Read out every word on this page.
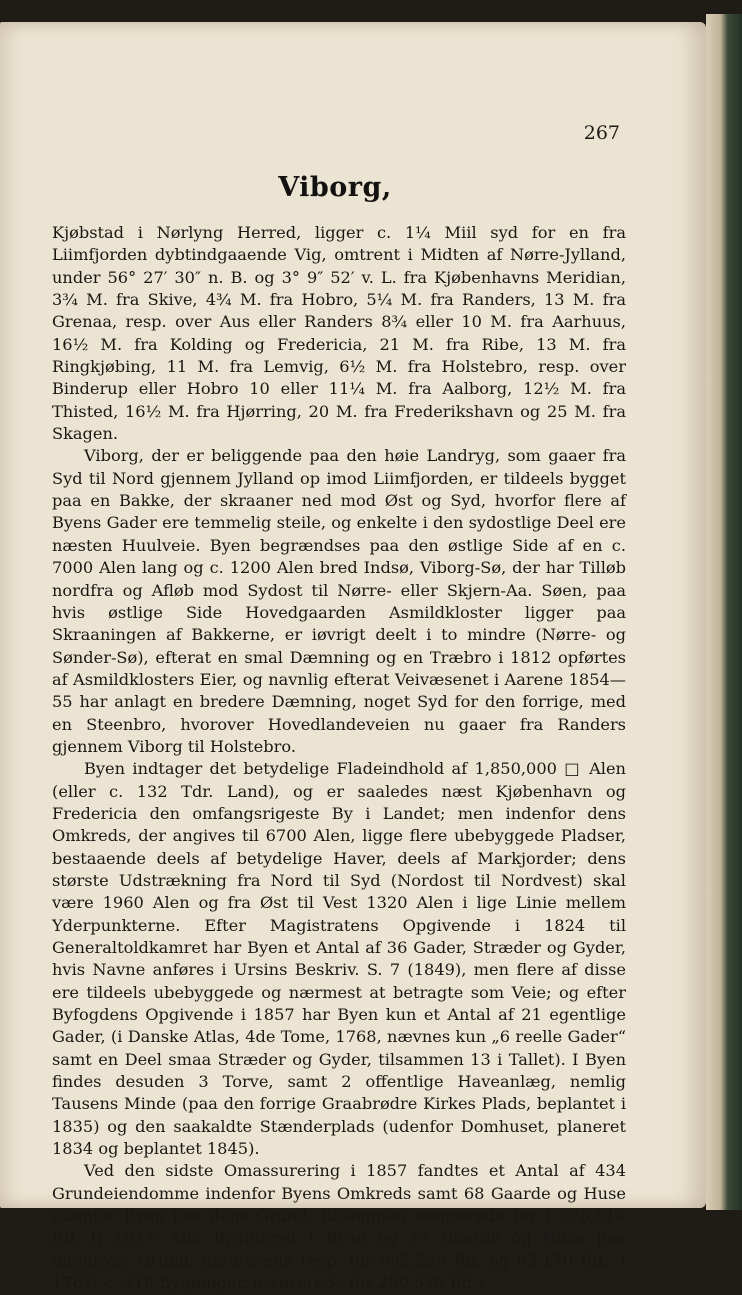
267
Viborg,

Kjøbstad i Nørlyng Herred, ligger c. 1¼ Miil syd for en fra Liimfjorden dybtindgaaende Vig, omtrent i Midten af Nørre-Jylland, under 56° 27′ 30″ n. B. og 3° 9″ 52′ v. L. fra Kjøbenhavns Meridian, 3¾ M. fra Skive, 4¾ M. fra Hobro, 5¼ M. fra Randers, 13 M. fra Grenaa, resp. over Aus eller Randers 8¾ eller 10 M. fra Aarhuus, 16½ M. fra Kolding og Fredericia, 21 M. fra Ribe, 13 M. fra Ringkjøbing, 11 M. fra Lemvig, 6½ M. fra Holstebro, resp. over Binderup eller Hobro 10 eller 11¼ M. fra Aalborg, 12½ M. fra Thisted, 16½ M. fra Hjørring, 20 M. fra Frederikshavn og 25 M. fra Skagen.

Viborg, der er beliggende paa den høie Landryg, som gaaer fra Syd til Nord gjennem Jylland op imod Liimfjorden, er tildeels bygget paa en Bakke, der skraaner ned mod Øst og Syd, hvorfor flere af Byens Gader ere temmelig steile, og enkelte i den sydostlige Deel ere næsten Huulveie. Byen begrændses paa den østlige Side af en c. 7000 Alen lang og c. 1200 Alen bred Indsø, Viborg-Sø, der har Tilløb nordfra og Afløb mod Sydost til Nørre- eller Skjern-Aa. Søen, paa hvis østlige Side Hovedgaarden Asmildkloster ligger paa Skraaningen af Bakkerne, er iøvrigt deelt i to mindre (Nørre- og Sønder-Sø), efterat en smal Dæmning og en Træbro i 1812 opførtes af Asmildklosters Eier, og navnlig efterat Veivæsenet i Aarene 1854—55 har anlagt en bredere Dæmning, noget Syd for den forrige, med en Steenbro, hvorover Hovedlandeveien nu gaaer fra Randers gjennem Viborg til Holstebro.

Byen indtager det betydelige Fladeindhold af 1,850,000 □ Alen (eller c. 132 Tdr. Land), og er saaledes næst Kjøbenhavn og Fredericia den omfangsrigeste By i Landet; men indenfor dens Omkreds, der angives til 6700 Alen, ligge flere ubebyggede Pladser, bestaaende deels af betydelige Haver, deels af Markjorder; dens største Udstrækning fra Nord til Syd (Nordost til Nordvest) skal være 1960 Alen og fra Øst til Vest 1320 Alen i lige Linie mellem Yderpunkterne. Efter Magistratens Opgivende i 1824 til Generaltoldkamret har Byen et Antal af 36 Gader, Stræder og Gyder, hvis Navne anføres i Ursins Beskriv. S. 7 (1849), men flere af disse ere tildeels ubebyggede og nærmest at betragte som Veie; og efter Byfogdens Opgivende i 1857 har Byen kun et Antal af 21 egentlige Gader, (i Danske Atlas, 4de Tome, 1768, nævnes kun „6 reelle Gader“ samt en Deel smaa Stræder og Gyder, tilsammen 13 i Tallet). I Byen findes desuden 3 Torve, samt 2 offentlige Haveanlæg, nemlig Tausens Minde (paa den forrige Graabrødre Kirkes Plads, beplantet i 1835) og den saakaldte Stænderplads (udenfor Domhuset, planeret 1834 og beplantet 1845).

Ved den sidste Omassurering i 1857 fandtes et Antal af 434 Grundeiendomme indenfor Byens Omkreds samt 68 Gaarde og Huse udenfor Byen paa dens Grund, tilsammen assurerede for 1,576,610 Rd. (i 1847: 405 Bygninger i Byen og 47 Gaarde og Huse paa udenbyes Grund, assurerede resp. for 895,520 Rd. og 63,170 Rd.; i 1767: c. 310 Bygninger, assurerede for 280,570 Rd.)
